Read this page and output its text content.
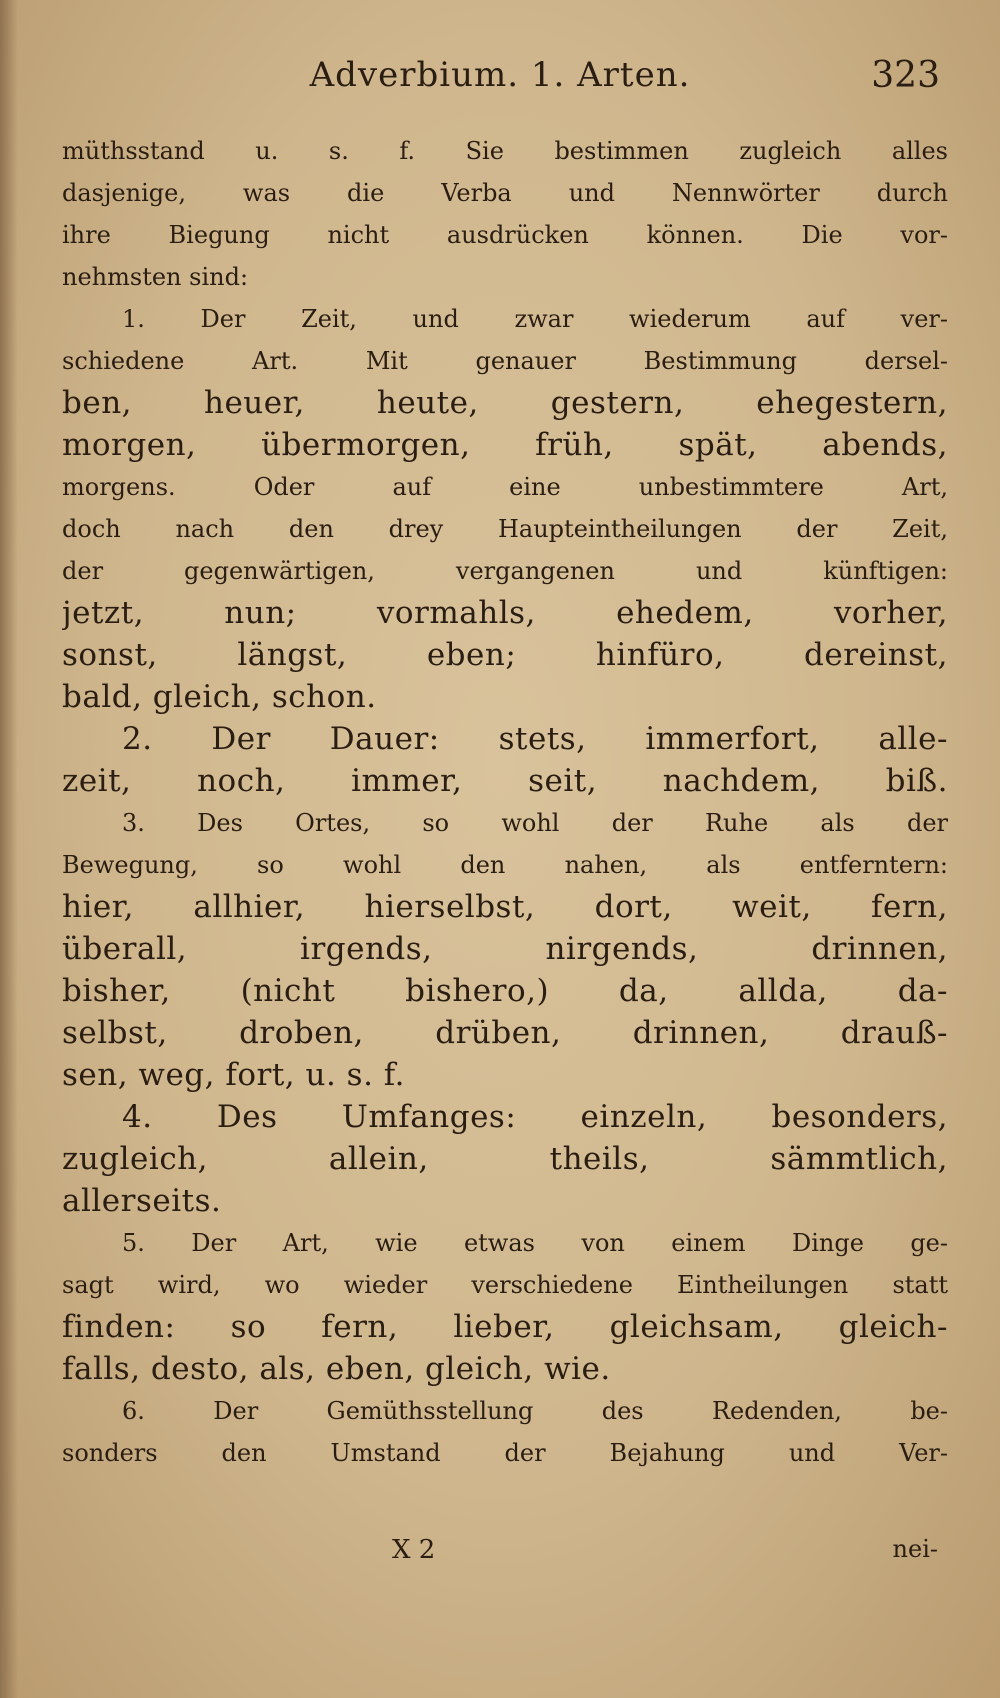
Adverbium. 1. Arten.	323
müthsstand u. s. f. Sie bestimmen zugleich alles
dasjenige, was die Verba und Nennwörter durch
ihre Biegung nicht ausdrücken können. Die vor-
nehmsten sind:
1. Der Zeit, und zwar wiederum auf ver-
schiedene Art. Mit genauer Bestimmung dersel-
ben, heuer, heute, gestern, ehegestern,
morgen, übermorgen, früh, spät, abends,
morgens. Oder auf eine unbestimmtere Art,
doch nach den drey Haupteintheilungen der Zeit,
der gegenwärtigen, vergangenen und künftigen:
jetzt, nun; vormahls, ehedem, vorher,
sonst, längst, eben; hinfüro, dereinst,
bald, gleich, schon.
2. Der Dauer: stets, immerfort, alle-
zeit, noch, immer, seit, nachdem, biß.
3. Des Ortes, so wohl der Ruhe als der
Bewegung, so wohl den nahen, als entferntern:
hier, allhier, hierselbst, dort, weit, fern,
überall, irgends, nirgends, drinnen,
bisher, (nicht bishero,) da, allda, da-
selbst, droben, drüben, drinnen, drauß-
sen, weg, fort, u. s. f.
4. Des Umfanges: einzeln, besonders,
zugleich, allein, theils, sämmtlich,
allerseits.
5. Der Art, wie etwas von einem Dinge ge-
sagt wird, wo wieder verschiedene Eintheilungen statt
finden: so fern, lieber, gleichsam, gleich-
falls, desto, als, eben, gleich, wie.
6. Der Gemüthsstellung des Redenden, be-
sonders den Umstand der Bejahung und Ver-
X 2	nei-
